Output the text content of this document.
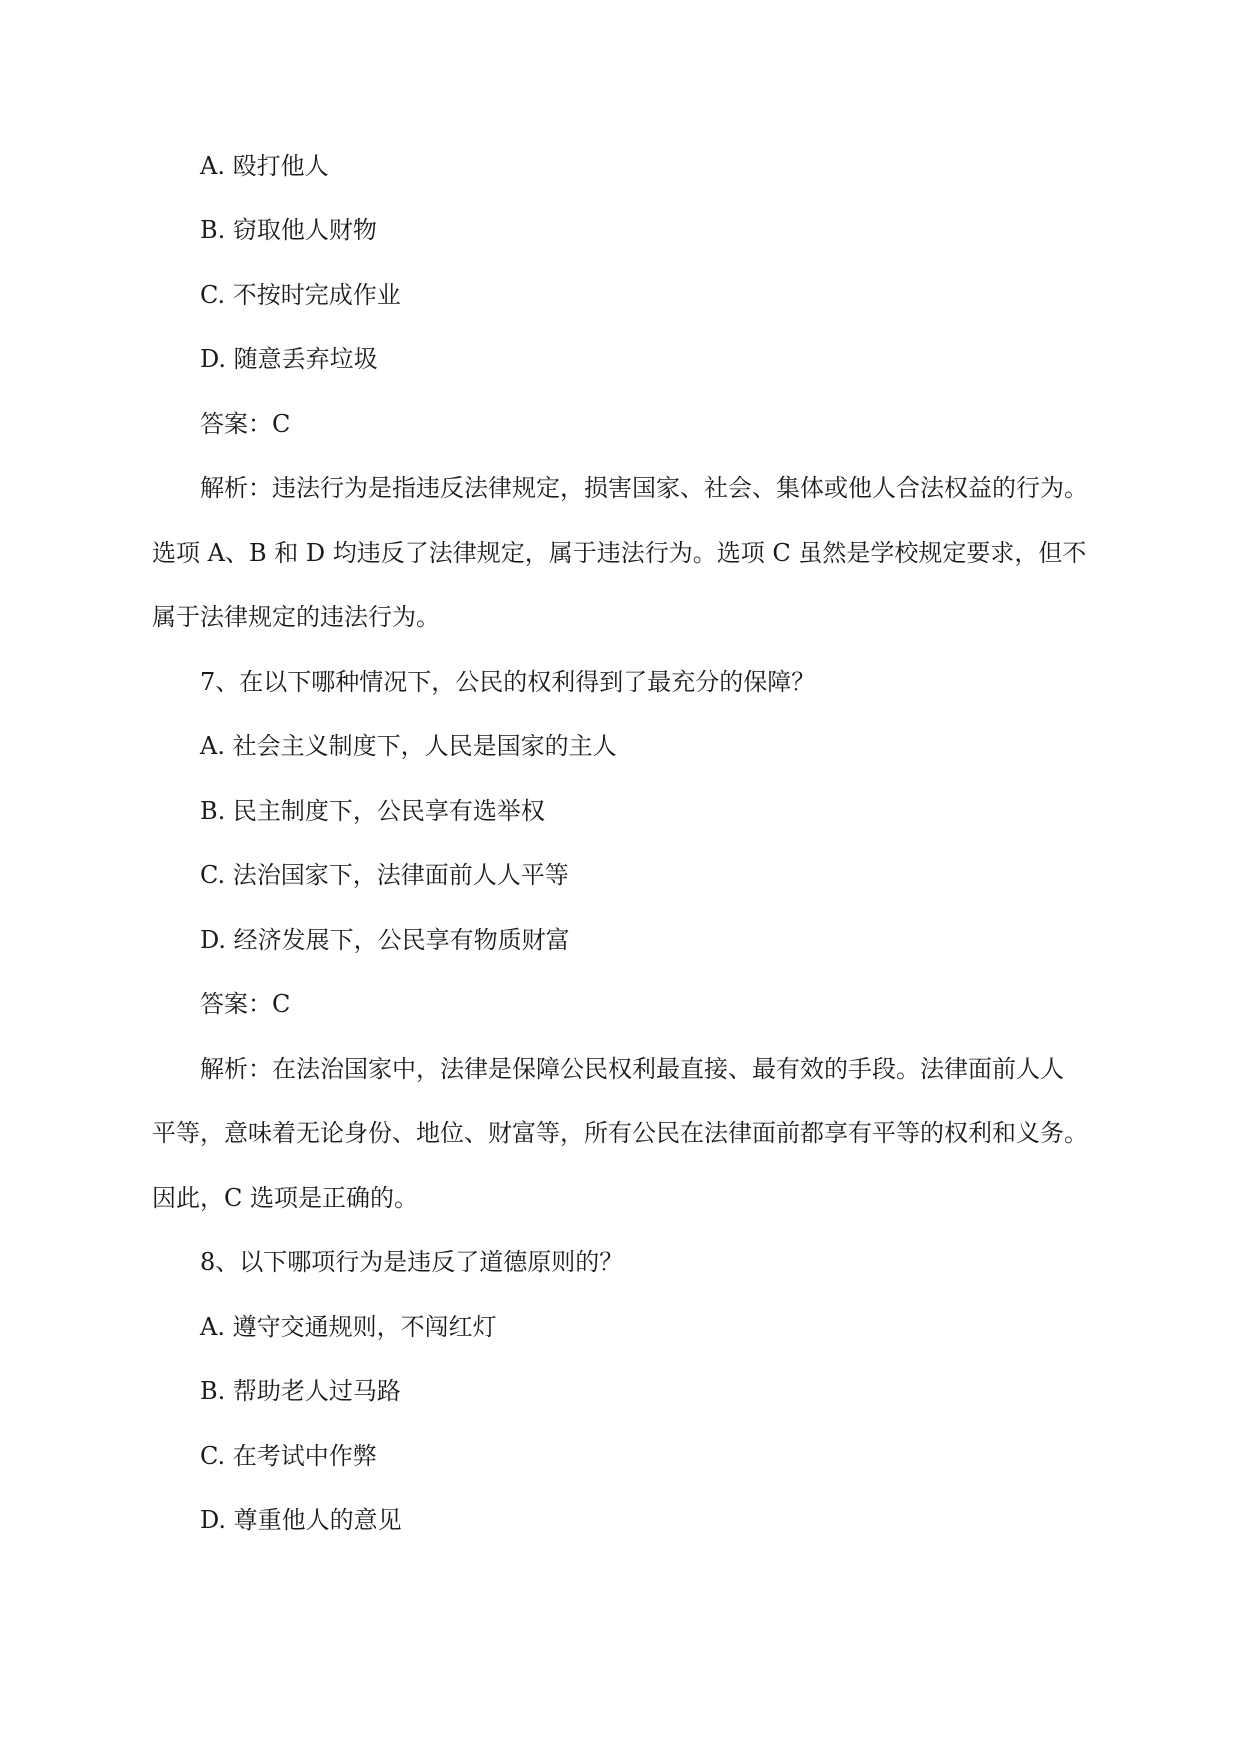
A. 殴打他人
B. 窃取他人财物
C. 不按时完成作业
D. 随意丢弃垃圾
答案：C
解析：违法行为是指违反法律规定，损害国家、社会、集体或他人合法权益的行为。
选项 A、B 和 D 均违反了法律规定，属于违法行为。选项 C 虽然是学校规定要求，但不
属于法律规定的违法行为。
7、在以下哪种情况下，公民的权利得到了最充分的保障？
A. 社会主义制度下，人民是国家的主人
B. 民主制度下，公民享有选举权
C. 法治国家下，法律面前人人平等
D. 经济发展下，公民享有物质财富
答案：C
解析：在法治国家中，法律是保障公民权利最直接、最有效的手段。法律面前人人
平等，意味着无论身份、地位、财富等，所有公民在法律面前都享有平等的权利和义务。
因此，C 选项是正确的。
8、以下哪项行为是违反了道德原则的？
A. 遵守交通规则，不闯红灯
B. 帮助老人过马路
C. 在考试中作弊
D. 尊重他人的意见
